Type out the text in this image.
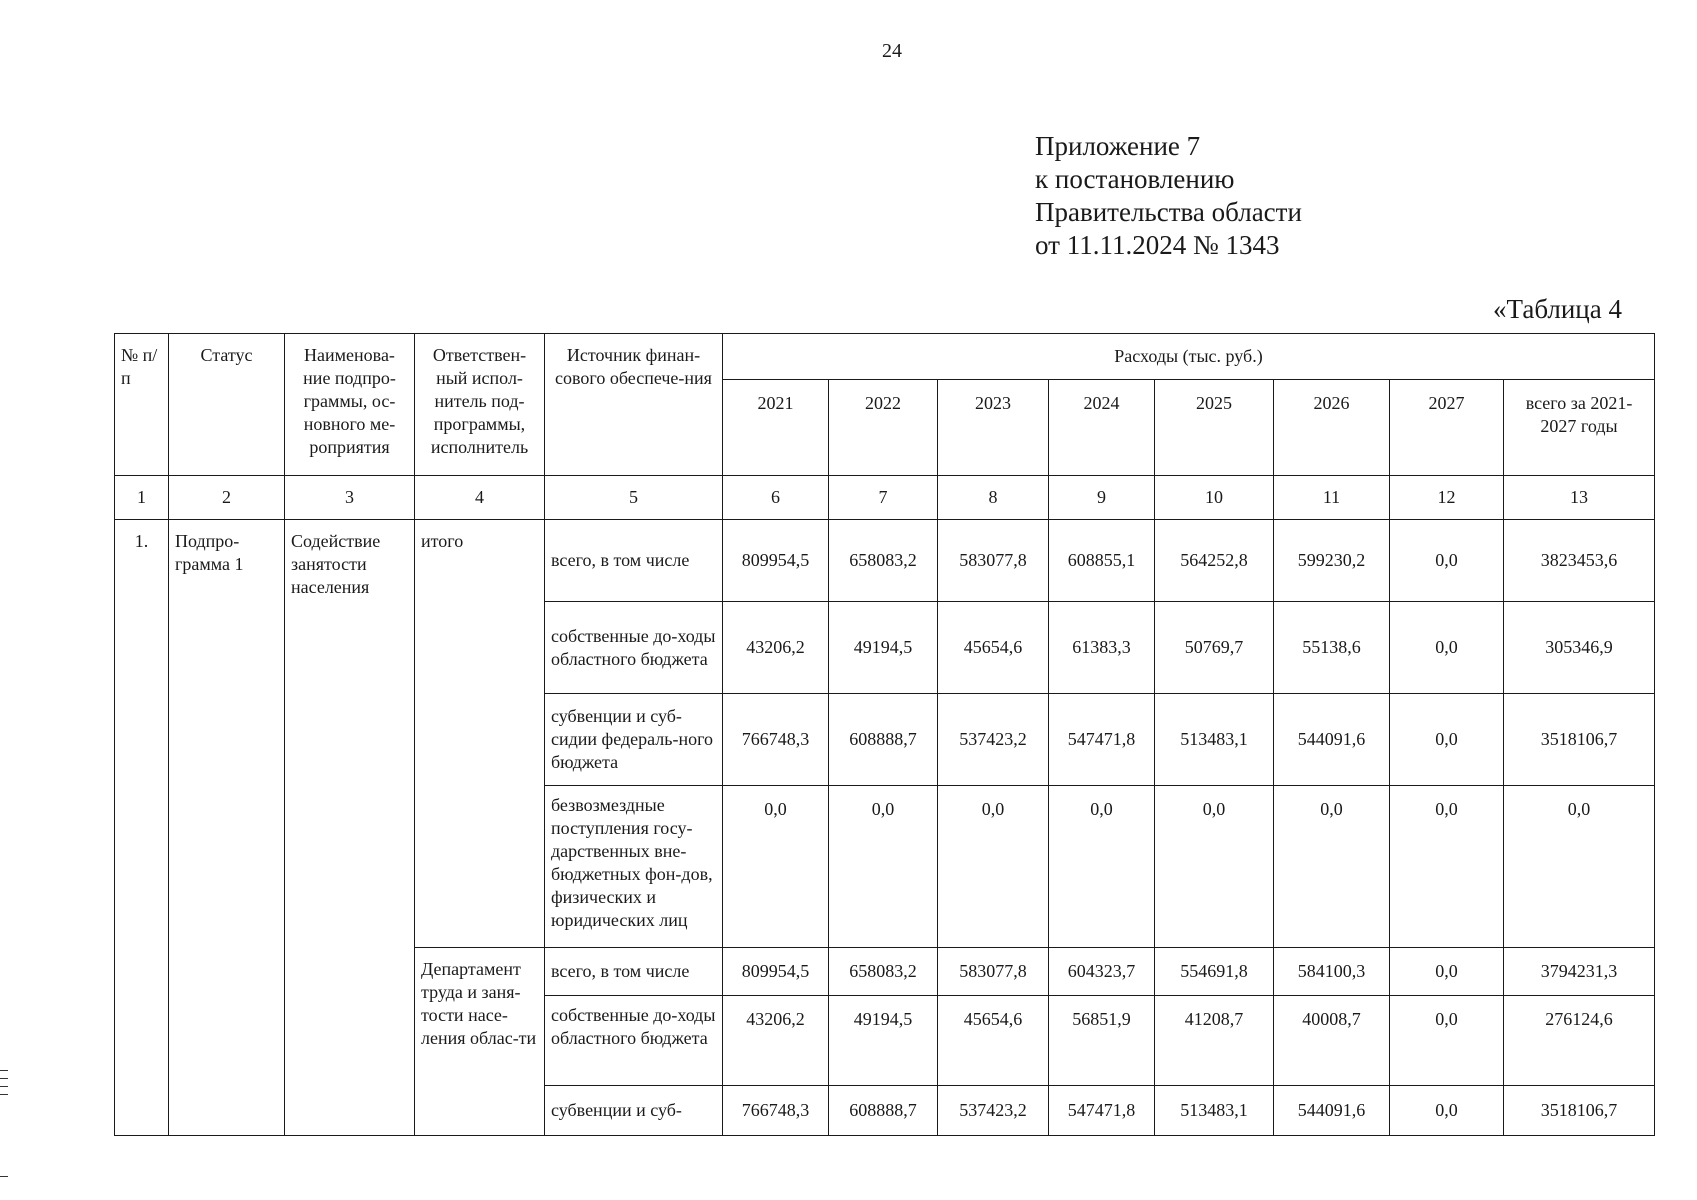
24
Приложение 7
к постановлению
Правительства области
от 11.11.2024 № 1343
«Таблица 4
№ п/п	Статус	Наименова-ние подпро-граммы, ос-новного ме-роприятия	Ответствен-ный испол-нитель под-программы, исполнитель	Источник финан-сового обеспече-ния	Расходы (тыс. руб.)							
					2021	2022	2023	2024	2025	2026	2027	всего за 2021-2027 годы
1	2	3	4	5	6	7	8	9	10	11	12	13
1.	Подпро-грамма 1	Содействие занятости населения	итого	всего, в том числе	809954,5	658083,2	583077,8	608855,1	564252,8	599230,2	0,0	3823453,6
				собственные до-ходы областного бюджета	43206,2	49194,5	45654,6	61383,3	50769,7	55138,6	0,0	305346,9
				субвенции и суб-сидии федераль-ного бюджета	766748,3	608888,7	537423,2	547471,8	513483,1	544091,6	0,0	3518106,7
				безвозмездные поступления госу-дарственных вне-бюджетных фон-дов, физических и юридических лиц	0,0	0,0	0,0	0,0	0,0	0,0	0,0	0,0
			Департамент труда и заня-тости насе-ления облас-ти	всего, в том числе	809954,5	658083,2	583077,8	604323,7	554691,8	584100,3	0,0	3794231,3
				собственные до-ходы областного бюджета	43206,2	49194,5	45654,6	56851,9	41208,7	40008,7	0,0	276124,6
				субвенции и суб-	766748,3	608888,7	537423,2	547471,8	513483,1	544091,6	0,0	3518106,7
